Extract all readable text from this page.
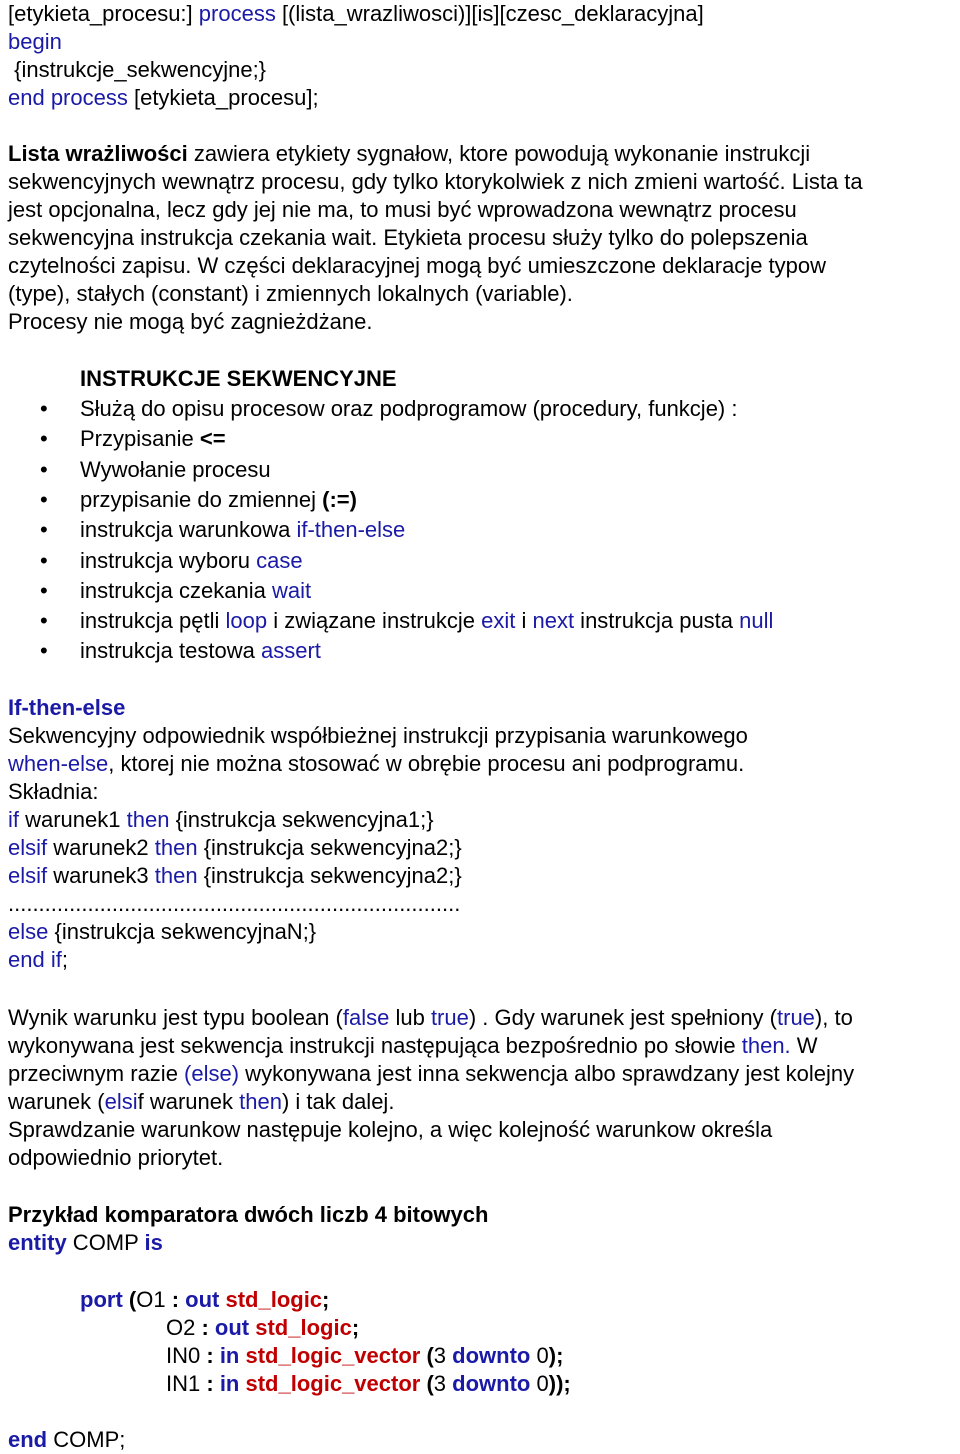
[etykieta_procesu:] process [(lista_wrazliwosci)][is][czesc_deklaracyjna]
begin
{instrukcje_sekwencyjne;}
end process [etykieta_procesu];
Lista wrażliwości zawiera etykiety sygnałow, ktore powodują wykonanie instrukcji
sekwencyjnych wewnątrz procesu, gdy tylko ktorykolwiek z nich zmieni wartość. Lista ta
jest opcjonalna, lecz gdy jej nie ma, to musi być wprowadzona wewnątrz procesu
sekwencyjna instrukcja czekania wait. Etykieta procesu służy tylko do polepszenia
czytelności zapisu. W części deklaracyjnej mogą być umieszczone deklaracje typow
(type), stałych (constant) i zmiennych lokalnych (variable).
Procesy nie mogą być zagnieżdżane.
INSTRUKCJE SEKWENCYJNE
• Służą do opisu procesow oraz podprogramow (procedury, funkcje) :
• Przypisanie <=
• Wywołanie procesu
• przypisanie do zmiennej (:=)
• instrukcja warunkowa if-then-else
• instrukcja wyboru case
• instrukcja czekania wait
• instrukcja pętli loop i związane instrukcje exit i next instrukcja pusta null
• instrukcja testowa assert
If-then-else
Sekwencyjny odpowiednik współbieżnej instrukcji przypisania warunkowego
when-else, ktorej nie można stosować w obrębie procesu ani podprogramu.
Składnia:
if warunek1 then {instrukcja sekwencyjna1;}
elsif warunek2 then {instrukcja sekwencyjna2;}
elsif warunek3 then {instrukcja sekwencyjna2;}
..........................................................................
else {instrukcja sekwencyjnaN;}
end if;
Wynik warunku jest typu boolean (false lub true) . Gdy warunek jest spełniony (true), to
wykonywana jest sekwencja instrukcji następująca bezpośrednio po słowie then. W
przeciwnym razie (else) wykonywana jest inna sekwencja albo sprawdzany jest kolejny
warunek (elsif warunek then) i tak dalej.
Sprawdzanie warunkow następuje kolejno, a więc kolejność warunkow określa
odpowiednio priorytet.
Przykład komparatora dwóch liczb 4 bitowych
entity COMP is
port (O1 : out std_logic;
O2 : out std_logic;
IN0 : in std_logic_vector (3 downto 0);
IN1 : in std_logic_vector (3 downto 0));
end COMP;
